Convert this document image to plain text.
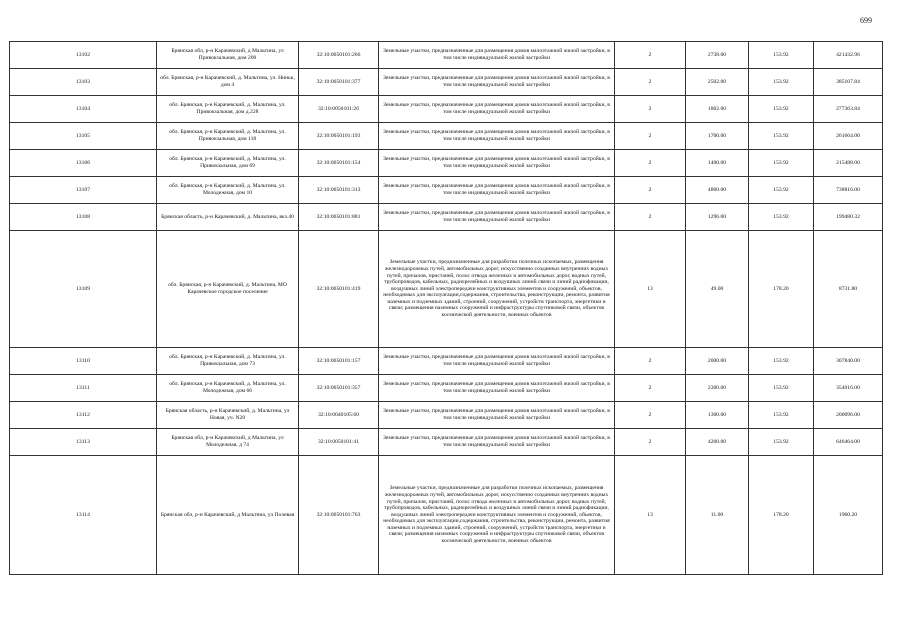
699
13102	Брянская обл, р-н Карачевский, д Мальтина, ул Привокзальная, дом 200	32:10:0050101:266	Земельные участки, предназначенные для размещения домов малоэтажной жилой застройки, в том числе индивидуальной жилой застройки	2	2738.00	153.92	421432.96
13103	обл. Брянская, р-н Карачевский, д. Мальтина, ул. Ниньк, дом 4	32:10:0050101:377	Земельные участки, предназначенные для размещения домов малоэтажной жилой застройки, в том числе индивидуальной жилой застройки	2	2502.00	153.92	385107.84
13104	обл. Брянская, р-н Карачевский, д. Мальтина, ул. Привокзальная, дом д.228	32:10:0050101:26	Земельные участки, предназначенные для размещения домов малоэтажной жилой застройки, в том числе индивидуальной жилой застройки	2	1802.00	153.92	277363.84
13105	обл. Брянская, р-н Карачевский, д. Мальтина, ул. Привокзальная, дом 118	32:10:0050101:193	Земельные участки, предназначенные для размещения домов малоэтажной жилой застройки, в том числе индивидуальной жилой застройки	2	1700.00	153.92	261664.00
13106	обл. Брянская, р-н Карачевский, д. Мальтина, ул. Привокзальная, дом 69	32:10:0050101:154	Земельные участки, предназначенные для размещения домов малоэтажной жилой застройки, в том числе индивидуальной жилой застройки	2	1400.00	153.92	215488.00
13107	обл. Брянская, р-н Карачевский, д. Мальтина, ул. Молодежная, дом 10	32:10:0050101:313	Земельные участки, предназначенные для размещения домов малоэтажной жилой застройки, в том числе индивидуальной жилой застройки	2	4800.00	153.92	738816.00
13108	Брянская область, р-н Карачевский, д. Мальтина, вкз.40	32:10:0050101:881	Земельные участки, предназначенные для размещения домов малоэтажной жилой застройки, в том числе индивидуальной жилой застройки	2	1296.00	153.92	199480.32
13109	обл. Брянская, р-н Карачевский, д. Мальтина, МО Карачевское городское поселение	32:10:0050101:419	Земельные участки, предназначенные для разработки полезных ископаемых, размещения железнодорожных путей, автомобильных дорог, искусственно созданных внутренних водных путей, причалов, пристаней, полос отвода железных и автомобильных дорог, водных путей, трубопроводов, кабельных, радиорелейных и воздушных линий связи и линий радиофикации, воздушных линий электропередачи конструктивных элементов и сооружений, объектов, необходимых для эксплуатации,содержания, строительства, реконструкции, ремонта, развития наземных и подземных зданий, строений, сооружений, устройств транспорта, энергетики и связи; размещения наземных сооружений и инфраструктуры спутниковой связи, объектов космической деятельности, военных объектов	13	49.00	178.20	8731.80
13110	обл. Брянская, р-н Карачевский, д. Мальтина, ул. Привокзальная, дом 73	32:10:0050101:157	Земельные участки, предназначенные для размещения домов малоэтажной жилой застройки, в том числе индивидуальной жилой застройки	2	2000.00	153.92	307840.00
13111	обл. Брянская, р-н Карачевский, д. Мальтина, ул. Молодежная, дом 66	32:10:0050101:357	Земельные участки, предназначенные для размещения домов малоэтажной жилой застройки, в том числе индивидуальной жилой застройки	2	2300.00	153.92	354016.00
13112	Брянская область, р-н Карачевский, д. Мальтина, ул Новая, уч. N20	32:10:0040105:60	Земельные участки, предназначенные для размещения домов малоэтажной жилой застройки, в том числе индивидуальной жилой застройки	2	1300.00	153.92	200096.00
13113	Брянская обл, р-н Карачевский, д Мальтина, ул Молодежная, д 74	32:10:0050101:41	Земельные участки, предназначенные для размещения домов малоэтажной жилой застройки, в том числе индивидуальной жилой застройки	2	4200.00	153.92	646464.00
13114	Брянская обл, р-н Карачевский, д Мальтина, ул Полевая	32:10:0050101:763	Земельные участки, предназначенные для разработки полезных ископаемых, размещения железнодорожных путей, автомобильных дорог, искусственно созданных внутренних водных путей, причалов, пристаней, полос отвода железных и автомобильных дорог, водных путей, трубопроводов, кабельных, радиорелейных и воздушных линий связи и линий радиофикации, воздушных линий электропередачи конструктивных элементов и сооружений, объектов, необходимых для эксплуатации,содержания, строительства, реконструкции, ремонта, развития наземных и подземных зданий, строений, сооружений, устройств транспорта, энергетики и связи; размещения наземных сооружений и инфраструктуры спутниковой связи, объектов космической деятельности, военных объектов	13	11.00	178.20	1960.20
